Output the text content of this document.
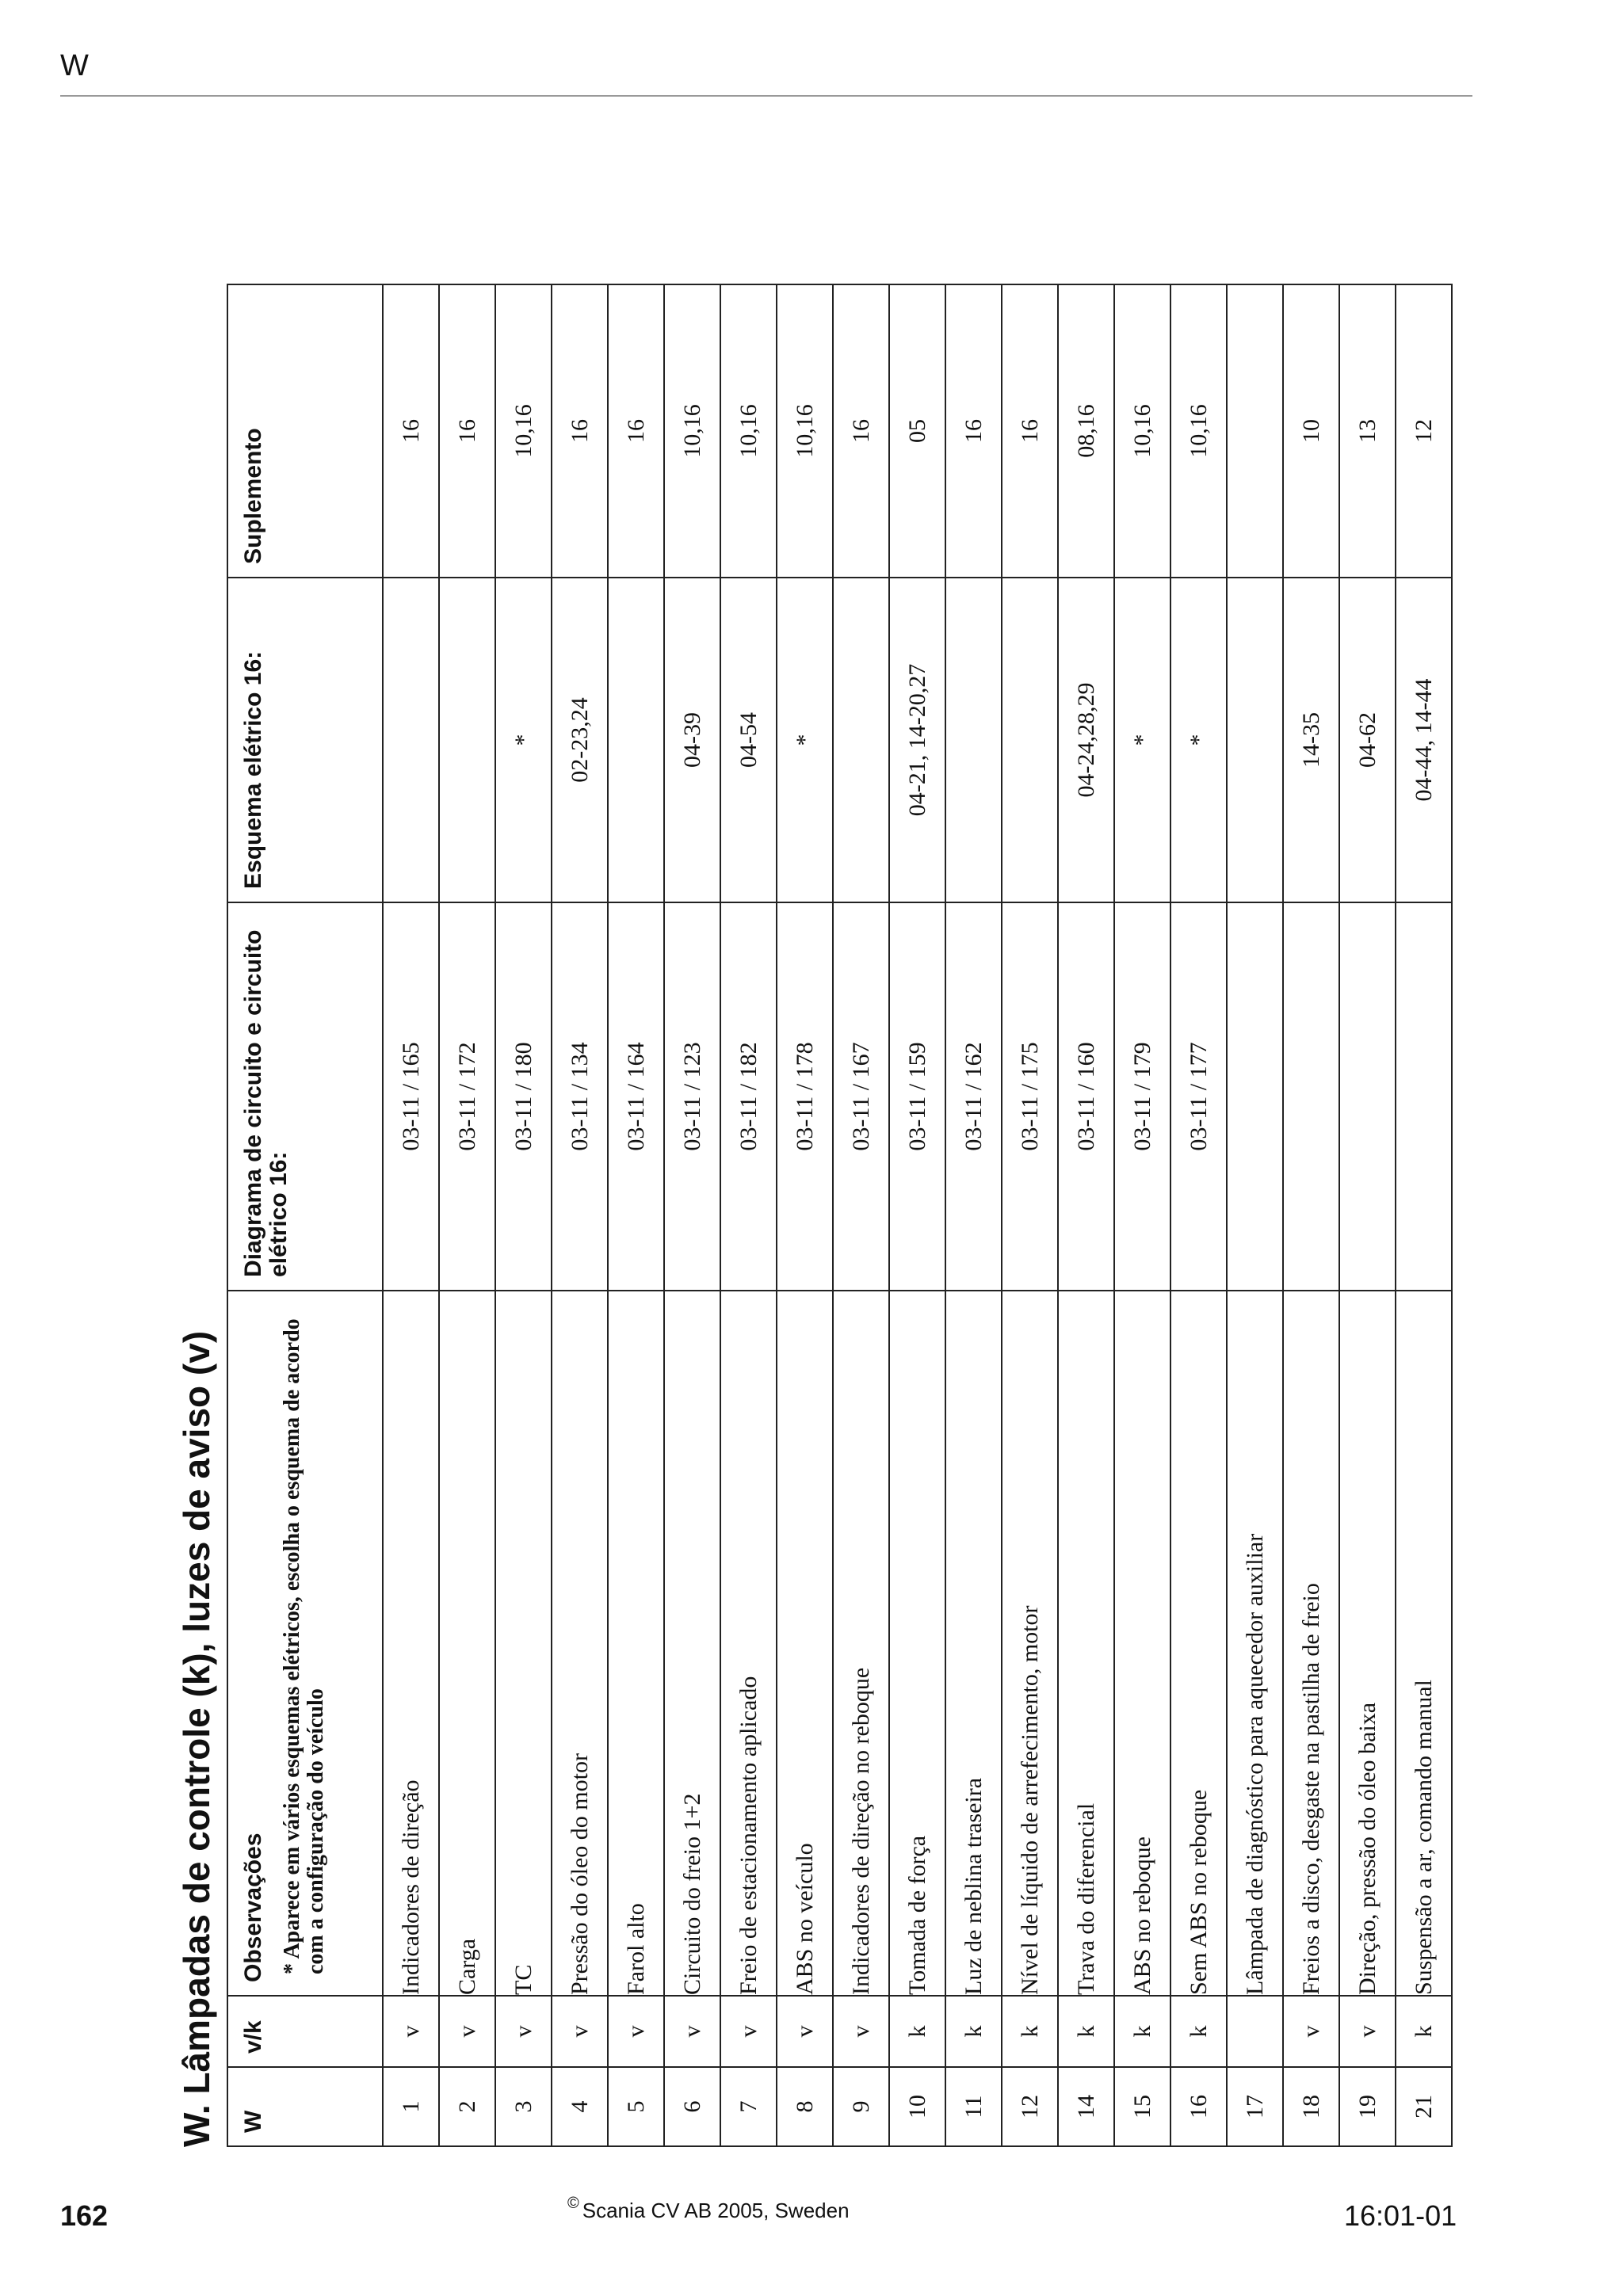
W
W. Lâmpadas de controle (k), luzes de aviso (v) W	v/k	Observações * Aparece em vários esquemas elétricos, escolha o esquema de acordo com a configuração do veículo	Diagrama de circuito e circuito elétrico 16:	Esquema elétrico 16:	Suplemento
1	v	Indicadores de direção	03-11 / 165		16
2	v	Carga	03-11 / 172		16
3	v	TC	03-11 / 180	*	10,16
4	v	Pressão do óleo do motor	03-11 / 134	02-23,24	16
5	v	Farol alto	03-11 / 164		16
6	v	Circuito do freio 1+2	03-11 / 123	04-39	10,16
7	v	Freio de estacionamento aplicado	03-11 / 182	04-54	10,16
8	v	ABS no veículo	03-11 / 178	*	10,16
9	v	Indicadores de direção no reboque	03-11 / 167		16
10	k	Tomada de força	03-11 / 159	04-21, 14-20,27	05
11	k	Luz de neblina traseira	03-11 / 162		16
12	k	Nível de líquido de arrefecimento, motor	03-11 / 175		16
14	k	Trava do diferencial	03-11 / 160	04-24,28,29	08,16
15	k	ABS no reboque	03-11 / 179	*	10,16
16	k	Sem ABS no reboque	03-11 / 177	*	10,16
17		Lâmpada de diagnóstico para aquecedor auxiliar			
18	v	Freios a disco, desgaste na pastilha de freio		14-35	10
19	v	Direção, pressão do óleo baixa		04-62	13
21	k	Suspensão a ar, comando manual		04-44, 14-44	12
162	© Scania CV AB 2005, Sweden	16:01-01
